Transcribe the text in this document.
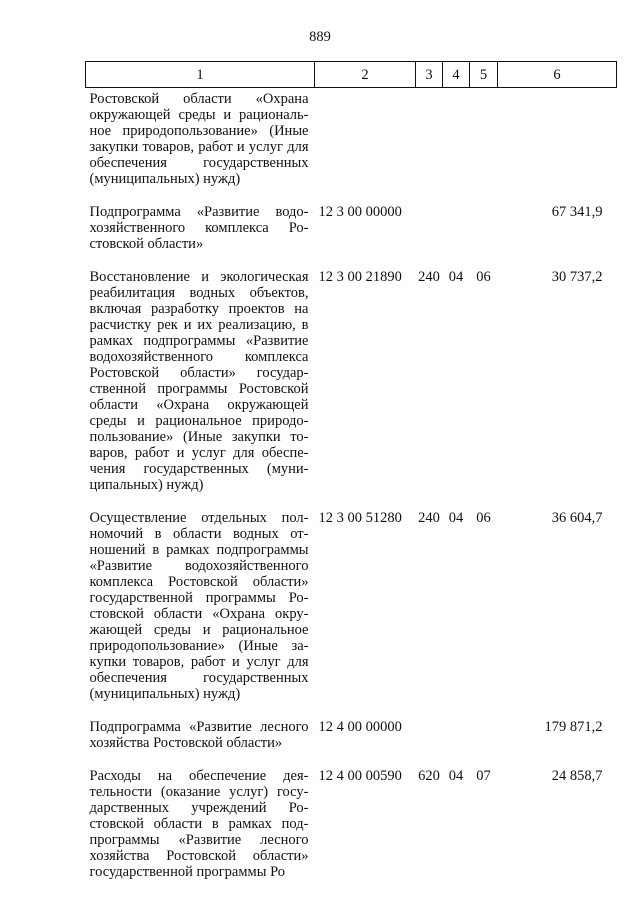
889
1	2	3	4	5	6
Ростовской области «Охрана окружающей среды и рациональное природопользование» (Иные закупки товаров, работ и услуг для обеспечения государственных (муниципальных) нужд)					
Подпрограмма «Развитие водохозяйственного комплекса Ростовской области»	12 3 00 00000				67 341,9
Восстановление и экологическая реабилитация водных объектов, включая разработку проектов на расчистку рек и их реализацию, в рамках подпрограммы «Развитие водохозяйственного комплекса Ростовской области» государственной программы Ростовской области «Охрана окружающей среды и рациональное природопользование» (Иные закупки товаров, работ и услуг для обеспечения государственных (муниципальных) нужд)	12 3 00 21890	240	04	06	30 737,2
Осуществление отдельных полномочий в области водных отношений в рамках подпрограммы «Развитие водохозяйственного комплекса Ростовской области» государственной программы Ростовской области «Охрана окружающей среды и рациональное природопользование» (Иные закупки товаров, работ и услуг для обеспечения государственных (муниципальных) нужд)	12 3 00 51280	240	04	06	36 604,7
Подпрограмма «Развитие лесного хозяйства Ростовской области»	12 4 00 00000				179 871,2
Расходы на обеспечение деятельности (оказание услуг) государственных учреждений Ростовской области в рамках подпрограммы «Развитие лесного хозяйства Ростовской области» государственной программы Ро	12 4 00 00590	620	04	07	24 858,7
